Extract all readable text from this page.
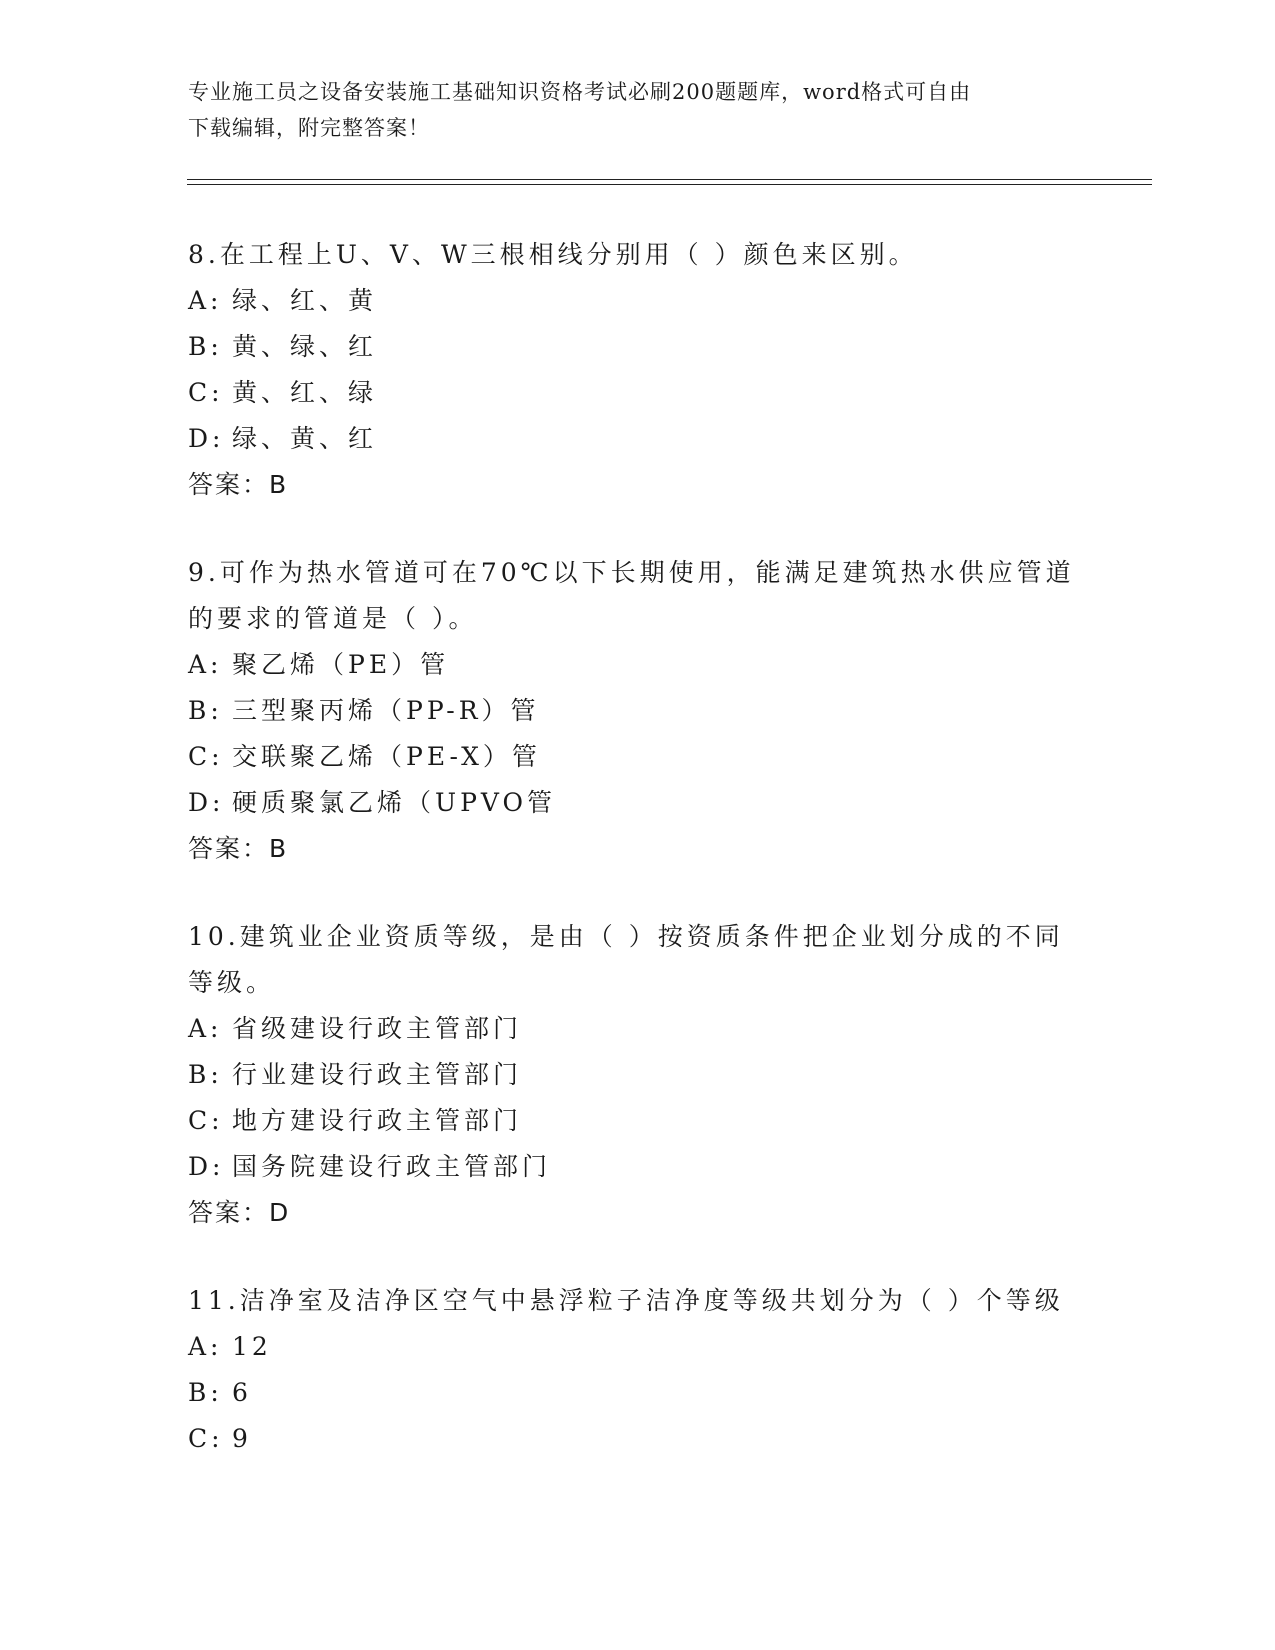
专业施工员之设备安装施工基础知识资格考试必刷200题题库，word格式可自由
下载编辑，附完整答案！
8.在工程上U、V、W三根相线分别用（ ）颜色来区别。
A: 绿、红、黄
B: 黄、绿、红
C: 黄、红、绿
D: 绿、黄、红
答案：B
9.可作为热水管道可在70℃以下长期使用，能满足建筑热水供应管道的要求的管道是（ ）。
A: 聚乙烯（PE）管
B: 三型聚丙烯（PP-R）管
C: 交联聚乙烯（PE-X）管
D: 硬质聚氯乙烯（UPVO管
答案：B
10.建筑业企业资质等级，是由（ ）按资质条件把企业划分成的不同等级。
A: 省级建设行政主管部门
B: 行业建设行政主管部门
C: 地方建设行政主管部门
D: 国务院建设行政主管部门
答案：D
11.洁净室及洁净区空气中悬浮粒子洁净度等级共划分为（ ）个等级
A: 12
B: 6
C: 9
